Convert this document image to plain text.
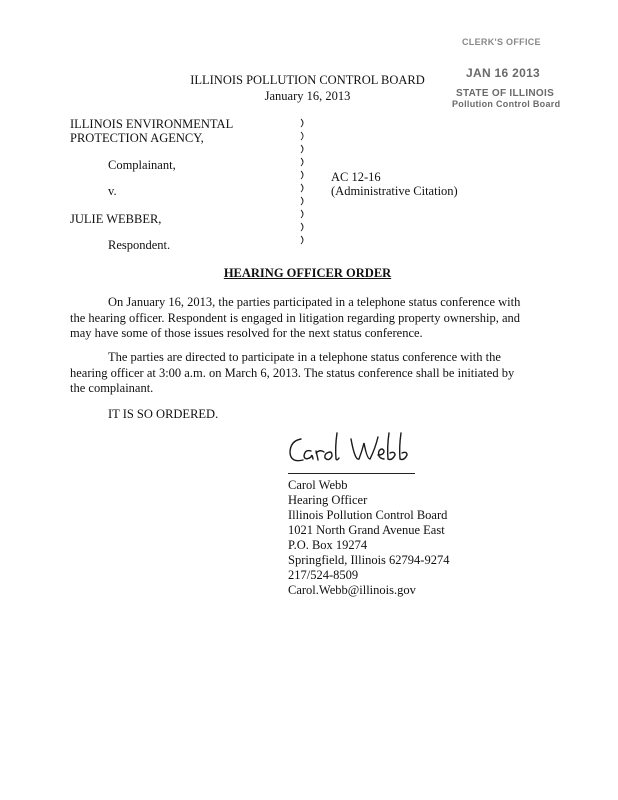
CLERK'S OFFICE
JAN 16 2013
STATE OF ILLINOIS
Pollution Control Board
ILLINOIS POLLUTION CONTROL BOARD
January 16, 2013
ILLINOIS ENVIRONMENTAL
PROTECTION AGENCY,
Complainant,
v.
JULIE WEBBER,
Respondent.
AC 12-16
(Administrative Citation)
HEARING OFFICER ORDER
On January 16, 2013, the parties participated in a telephone status conference with the hearing officer. Respondent is engaged in litigation regarding property ownership, and may have some of those issues resolved for the next status conference.
The parties are directed to participate in a telephone status conference with the hearing officer at 3:00 a.m. on March 6, 2013. The status conference shall be initiated by the complainant.
IT IS SO ORDERED.
Carol Webb
Hearing Officer
Illinois Pollution Control Board
1021 North Grand Avenue East
P.O. Box 19274
Springfield, Illinois 62794-9274
217/524-8509
Carol.Webb@illinois.gov
